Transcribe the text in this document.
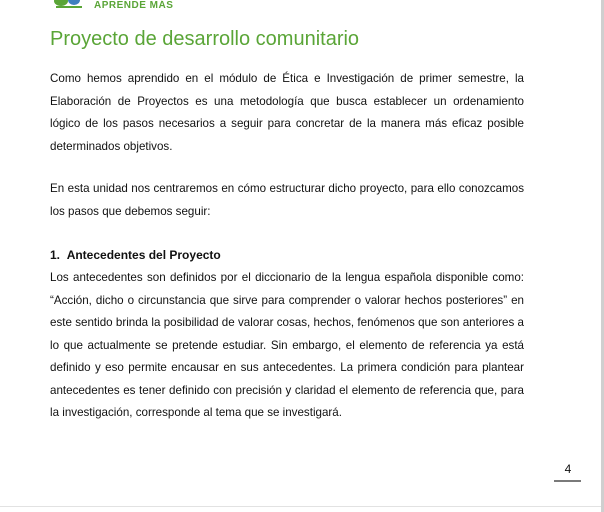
APRENDE MÁS
Proyecto de desarrollo comunitario

Como hemos aprendido en el módulo de Ética e Investigación de primer semestre, la Elaboración de Proyectos es una metodología que busca establecer un ordenamiento lógico de los pasos necesarios a seguir para concretar de la manera más eficaz posible determinados objetivos.

En esta unidad nos centraremos en cómo estructurar dicho proyecto, para ello conozcamos los pasos que debemos seguir:

1. Antecedentes del Proyecto

Los antecedentes son definidos por el diccionario de la lengua española disponible como: “Acción, dicho o circunstancia que sirve para comprender o valorar hechos posteriores” en este sentido brinda la posibilidad de valorar cosas, hechos, fenómenos que son anteriores a lo que actualmente se pretende estudiar. Sin embargo, el elemento de referencia ya está definido y eso permite encausar en sus antecedentes. La primera condición para plantear antecedentes es tener definido con precisión y claridad el elemento de referencia que, para la investigación, corresponde al tema que se investigará.

4
